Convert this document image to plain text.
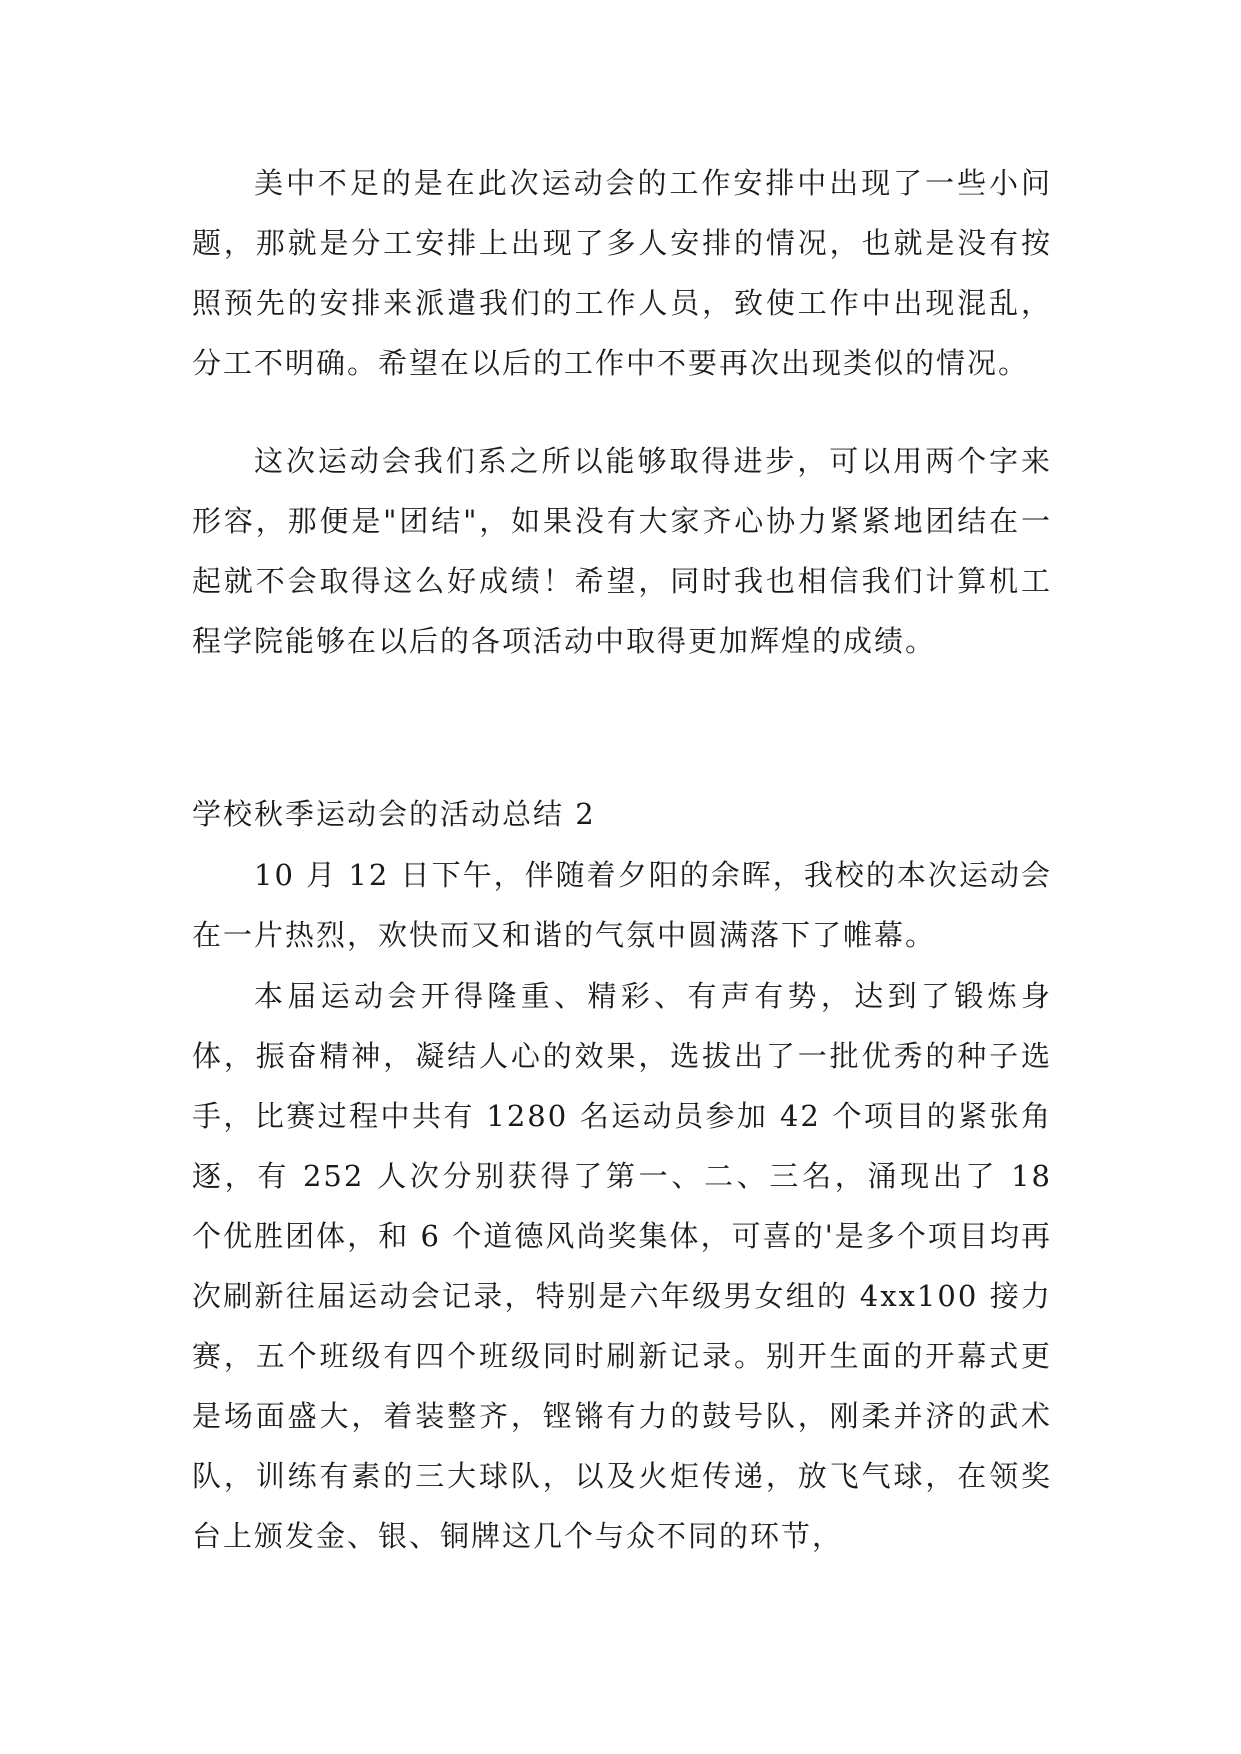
美中不足的是在此次运动会的工作安排中出现了一些小问题，那就是分工安排上出现了多人安排的情况，也就是没有按照预先的安排来派遣我们的工作人员，致使工作中出现混乱，分工不明确。希望在以后的工作中不要再次出现类似的情况。

这次运动会我们系之所以能够取得进步，可以用两个字来形容，那便是"团结"，如果没有大家齐心协力紧紧地团结在一起就不会取得这么好成绩！希望，同时我也相信我们计算机工程学院能够在以后的各项活动中取得更加辉煌的成绩。

学校秋季运动会的活动总结 2

10 月 12 日下午，伴随着夕阳的余晖，我校的本次运动会在一片热烈，欢快而又和谐的气氛中圆满落下了帷幕。

本届运动会开得隆重、精彩、有声有势，达到了锻炼身体，振奋精神，凝结人心的效果，选拔出了一批优秀的种子选手，比赛过程中共有 1280 名运动员参加 42 个项目的紧张角逐，有 252 人次分别获得了第一、二、三名，涌现出了 18 个优胜团体，和 6 个道德风尚奖集体，可喜的'是多个项目均再次刷新往届运动会记录，特别是六年级男女组的 4xx100 接力赛，五个班级有四个班级同时刷新记录。别开生面的开幕式更是场面盛大，着装整齐，铿锵有力的鼓号队，刚柔并济的武术队，训练有素的三大球队，以及火炬传递，放飞气球，在领奖台上颁发金、银、铜牌这几个与众不同的环节，
